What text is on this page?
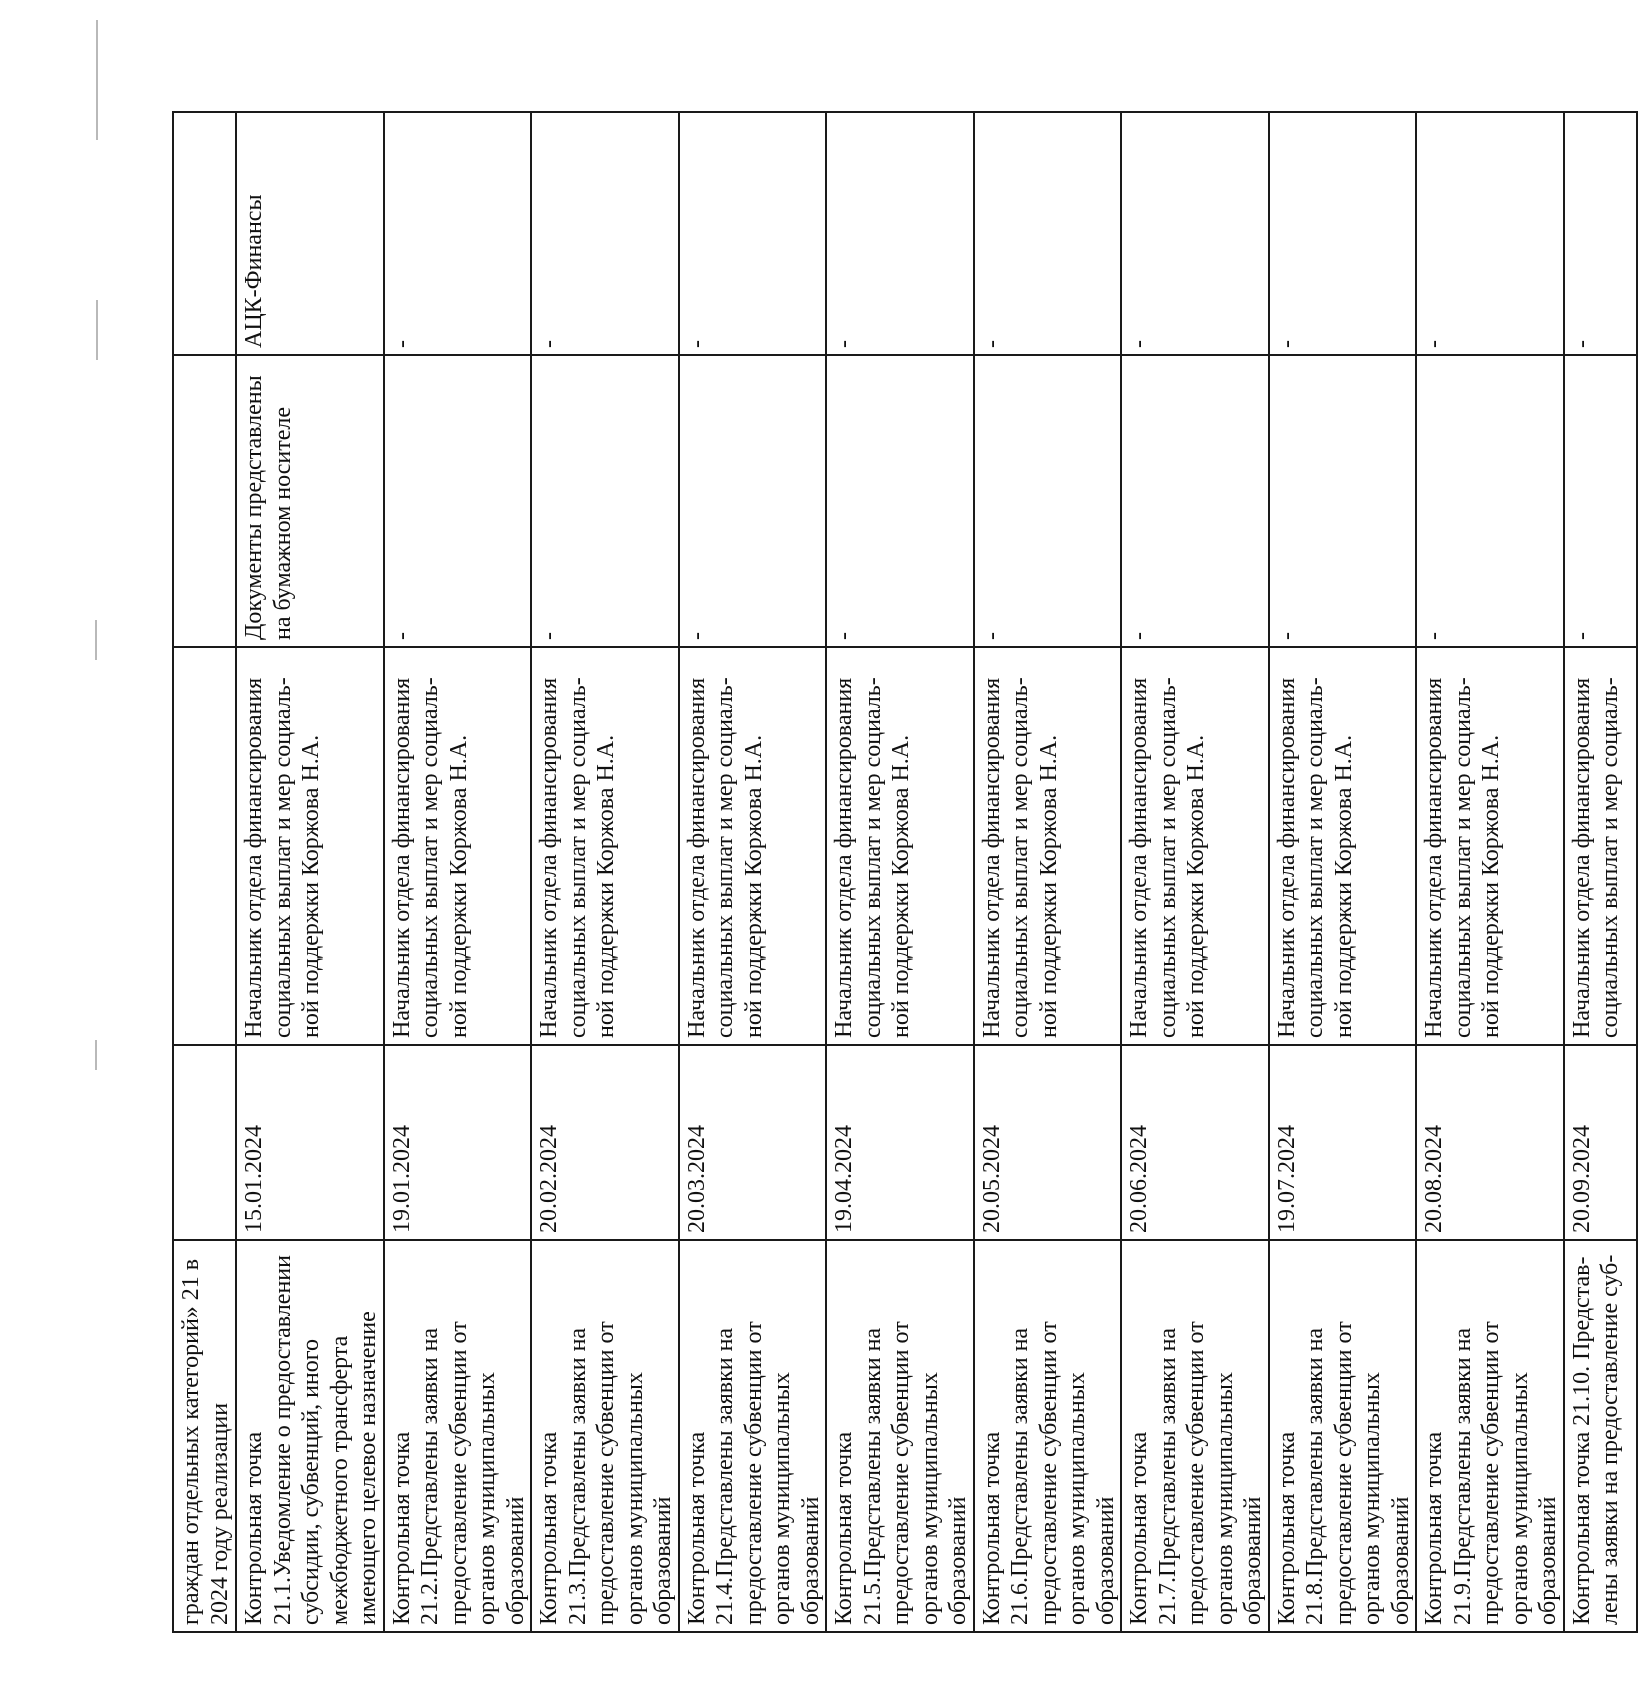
граждан отдельных категорий» 21 в 2024 году реализации				
Контрольная точка 21.1.Уведомление о предоставлении субсидии, субвенций, иного межбюджетного трансферта имеющего целевое назначение	15.01.2024	Начальник отдела финансирования социальных выплат и мер социаль-ной поддержки Коржова Н.А.	Документы представлены на бумажном носителе	АЦК-Финансы
Контрольная точка 21.2.Представлены заявки на предоставление субвенции от органов муниципальных образований	19.01.2024	Начальник отдела финансирования социальных выплат и мер социаль-ной поддержки Коржова Н.А.	-	-
Контрольная точка 21.3.Представлены заявки на предоставление субвенции от органов муниципальных образований	20.02.2024	Начальник отдела финансирования социальных выплат и мер социаль-ной поддержки Коржова Н.А.	-	-
Контрольная точка 21.4.Представлены заявки на предоставление субвенции от органов муниципальных образований	20.03.2024	Начальник отдела финансирования социальных выплат и мер социаль-ной поддержки Коржова Н.А.	-	-
Контрольная точка 21.5.Представлены заявки на предоставление субвенции от органов муниципальных образований	19.04.2024	Начальник отдела финансирования социальных выплат и мер социаль-ной поддержки Коржова Н.А.	-	-
Контрольная точка 21.6.Представлены заявки на предоставление субвенции от органов муниципальных образований	20.05.2024	Начальник отдела финансирования социальных выплат и мер социаль-ной поддержки Коржова Н.А.	-	-
Контрольная точка 21.7.Представлены заявки на предоставление субвенции от органов муниципальных образований	20.06.2024	Начальник отдела финансирования социальных выплат и мер социаль-ной поддержки Коржова Н.А.	-	-
Контрольная точка 21.8.Представлены заявки на предоставление субвенции от органов муниципальных образований	19.07.2024	Начальник отдела финансирования социальных выплат и мер социаль-ной поддержки Коржова Н.А.	-	-
Контрольная точка 21.9.Представлены заявки на предоставление субвенции от органов муниципальных образований	20.08.2024	Начальник отдела финансирования социальных выплат и мер социаль-ной поддержки Коржова Н.А.	-	-
Контрольная точка 21.10. Представ-лены заявки на предоставление суб-	20.09.2024	Начальник отдела финансирования социальных выплат и мер социаль-	-	-
